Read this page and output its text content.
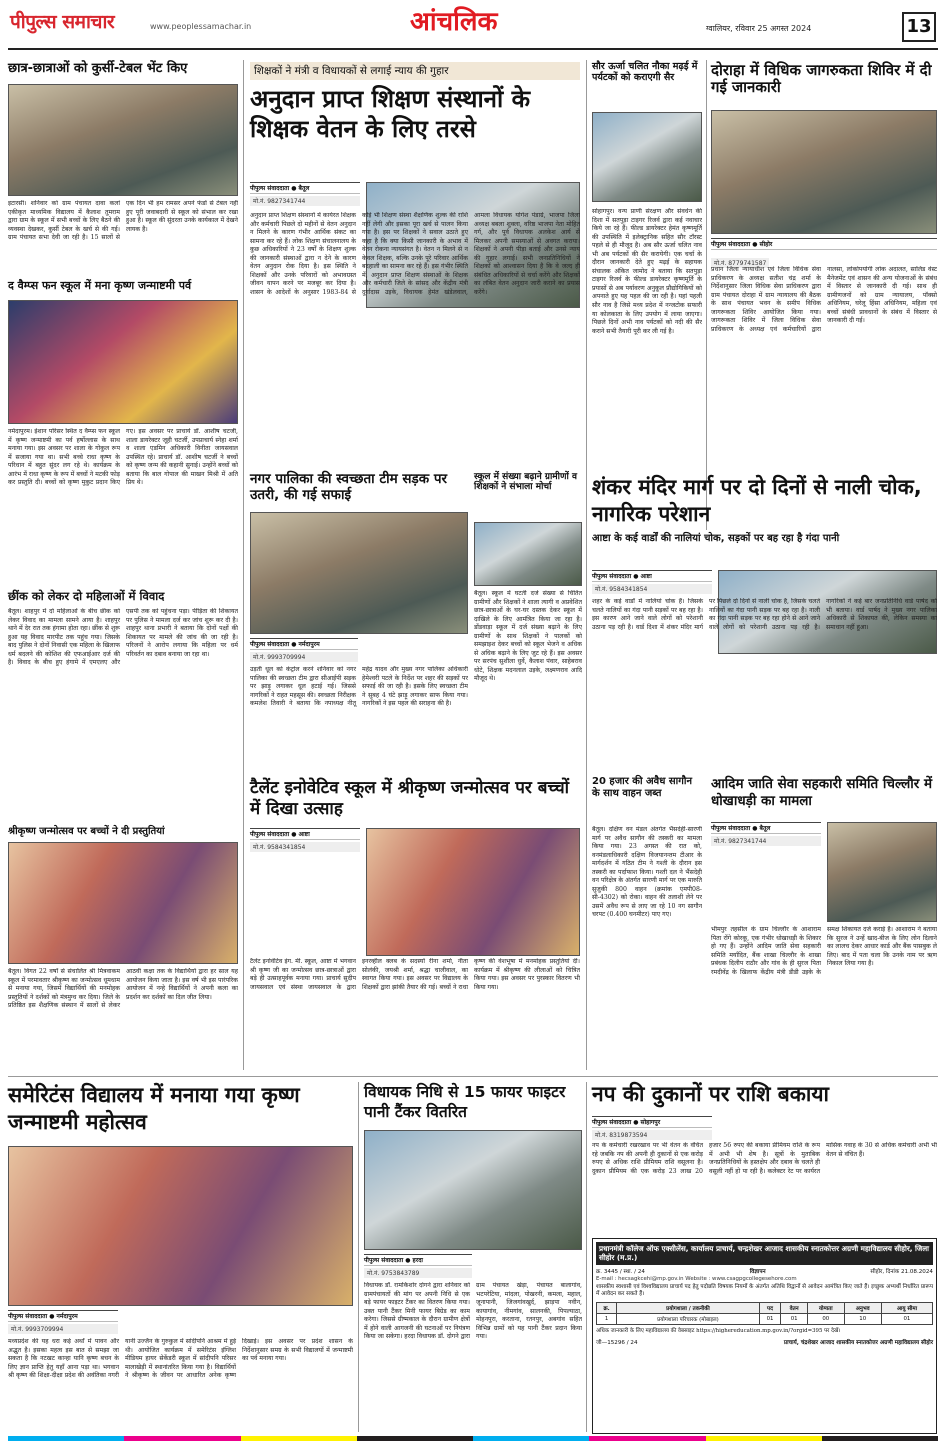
पीपुल्स समाचार	www.peoplessamachar.in	आंचलिक	ग्वालियर, रविवार 25 अगस्त 2024	13
छात्र-छात्राओं को कुर्सी-टेबल भेंट किए
इटारसी। शनिवार को ग्राम पंचायत दावा कलां एकीकृत माध्यमिक विद्यालय में कैलाश तुमराम द्वारा ग्राम के स्कूल में सभी बच्चों के लिए बैठने की व्यवस्था देखकर, कुर्सी टेबल के खर्च से की गई। ग्राम पंचायत सभा देवी जा रही है। 15 सालों से एक दिन भी हम रामसर अपने फंडों से टेबल नहीं हुए पूरी जवाबदारी से स्कूल को संभाल कर रखा हुआ है। स्कूल की सुंदरता उनके कार्यकाल में देखने लायक है।
द वैम्प्स फन स्कूल में मना कृष्ण जन्माष्टमी पर्व
नर्मदापुरम। ईशान परिसर स्थित द वैम्प्स फन स्कूल में कृष्ण जन्माष्टमी का पर्व हर्षोल्लास के साथ मनाया गया। इस अवसर पर शाला के गोकुल रूप में सजाया गया था। सभी बच्चे राधा कृष्ण के परिधान में बहुत सुंदर लग रहे थे। कार्यक्रम के आरंभ में राधा कृष्ण के रूप में बच्चों ने मटकी फोड़ कर प्रस्तुति दी। बच्चों को कृष्ण मुकुट प्रदान किए गए। इस अवसर पर प्राचार्य डॉ. आशीष चटर्जी, शाला डायरेक्टर जूही चटर्जी, उपप्राचार्य स्नेहा शर्मा व शाला एडमिन अधिकारी विनीता जायसवाल उपस्थित रहे। प्राचार्य डॉ. आशीष चटर्जी ने बच्चों को कृष्ण जन्म की कहानी सुनाई। उन्होंने बच्चों को बताया कि बाल गोपाल की माखन मिश्री में अति प्रिय थे।
छींक को लेकर दो महिलाओं में विवाद
बैतूल। शाहपुर में दो महिलाओं के बीच छींक को लेकर विवाद का मामला सामने आया है। शाहपुर थाने में देर रात तक हंगामा होता रहा। छींक से शुरू हुआ यह विवाद मारपीट तक पहुंच गया। जिसके बाद पुलिस ने दोनों निवासी एक महिला के खिलाफ धर्म बदलने की कोशिश की एफआईआर दर्ज की है। विवाद के बीच हुए हंगामे में एमएलए और एसपी तक को पहुंचना पड़ा। पीड़िता की शिकायत पर पुलिस ने मामला दर्ज कर जांच शुरू कर दी है। शाहपुर थाना प्रभारी ने बताया कि दोनों पक्षों की शिकायत पर मामले की जांच की जा रही है। परिजनों ने आरोप लगाया कि महिला पर धर्म परिवर्तन का दबाव बनाया जा रहा था।
श्रीकृष्ण जन्मोत्सव पर बच्चों ने दी प्रस्तुतियां
बैतूल। विगत 22 वर्षों से संचालित श्री मित्रवाकम स्कूल में परमावतार श्रीकृष्ण का जन्मोत्सव धूमधाम से मनाया गया, जिसमें विद्यार्थियों की मनमोहक प्रस्तुतियों ने दर्शकों को मंत्रमुग्ध कर दिया। जिले के प्रतिष्ठित इस शैक्षणिक संस्थान में सालों से लेकर आठवीं कक्षा तक के विद्यार्थियों द्वारा हर साल यह आयोजन किया जाता है। इस वर्ष भी इस पारंपरिक आयोजन में नन्हे विद्यार्थियों ने अपनी कला का प्रदर्शन कर दर्शकों का दिल जीत लिया।
शिक्षकों ने मंत्री व विधायकों से लगाई न्याय की गुहार
अनुदान प्राप्त शिक्षण संस्थानों के शिक्षक वेतन के लिए तरसे
पीपुल्स संवाददाता ● बैतूल
मो.नं. 9827341744
अनुदान प्राप्त शिक्षण संस्थानों में कार्यरत शिक्षक और कर्मचारी पिछले दो महीनों से वेतन अनुदान न मिलने के कारण गंभीर आर्थिक संकट का सामना कर रहे हैं। लोक शिक्षण संचालनालय के कुछ अधिकारियों ने 23 वर्षों के शिक्षण शुल्क की जानकारी संस्थाओं द्वारा न देने के कारण वेतन अनुदान रोक दिया है। इस स्थिति ने शिक्षकों और उनके परिवारों को अभावग्रस्त जीवन यापन करने पर मजबूर कर दिया है। शासन के आदेशों के अनुसार 1983-84 से कोई भी शिक्षण संस्था शैक्षणिक शुल्क की राशि नहीं लेगी और इसका पूरा खर्च से पालन किया गया है। इस पर शिक्षकों ने सवाल उठाते हुए कहा है कि क्या किसी जानकारी के अभाव में वेतन रोकना न्यायसंगत है। वेतन न मिलने से न केवल शिक्षक, बल्कि उनके पूरे परिवार आर्थिक बदहाली का सामना कर रहे हैं। इस गंभीर स्थिति में, अनुदान प्राप्त शिक्षण संस्थाओं के शिक्षक और कर्मचारी जिले के सांसद और केंद्रीय मंत्री दुर्गादास उइके, विधायक हेमंत खंडेलवाल, आमला विधायक योगेश पंडाग्रे, भाजपा जिला अध्यक्ष बबला शुक्ला, वरिष्ठ भाजपा नेता मोहित गर्ग, और पूर्व विधायक अलकेश आर्य से मिलकर अपनी समस्याओं से अवगत कराया। शिक्षकों ने अपनी पीड़ा बताई और उनसे न्याय की गुहार लगाई। सभी जनप्रतिनिधियों ने शिक्षकों को आश्वासन दिया है कि वे जल्द ही संबंधित अधिकारियों से चर्चा करेंगे और शिक्षकों का लंबित वेतन अनुदान जारी कराने का प्रयास करेंगे।
सौर ऊर्जा चलित नौका मढ़ई में पर्यटकों को कराएगी सैर
सोहागपुर। वन्य प्राणी संरक्षण और संवर्धन की दिशा में सतपुड़ा टाइगर रिजर्व द्वारा कई नवाचार किये जा रहे हैं। फील्ड डायरेक्टर हेमंत कृष्णमूर्ति की उपस्थिति में इलेक्ट्रानिक सहित सौर टॉरस्ट पहले से ही मौजूद है। अब सौर ऊर्जा चलित नाव भी अब पर्यटकों की सैर करायेगी। एक चर्चा के दौरान जानकारी देते हुए मढ़ई के सहायक संचालक अंकित जामोद ने बताया कि सतपुड़ा टाइगर रिजर्व के फील्ड डायरेक्टर कृष्णमूर्ति के प्रयासों से अब पर्यावरण अनुकूल प्रौद्योगिकियों को अपनाते हुए यह पहल की जा रही है। यहां पहली सौर नाव है जिसे मध्य प्रदेश में नन्जटोक सफारी या कोलकाता के लिए उपयोग में लाया जाएगा। पिछले दिनों अभी नाव पर्यटकों को नदी की सैर कराने सभी तैयारी पूरी कर ली गई है।
दोराहा में विधिक जागरुकता शिविर में दी गई जानकारी
पीपुल्स संवाददाता ● सीहोर
मो.नं. 8779741587
प्रधान जिला न्यायाधीश एवं जिला विधिक सेवा प्राधिकरण के अध्यक्ष सतीश चंद्र शर्मा के निर्देशानुसार जिला विधिक सेवा प्राधिकरण द्वारा ग्राम पंचायत दोराहा में ग्राम न्यायालय की बैठक के साथ पंचायत भवन के समीप विधिक जागरूकता शिविर आयोजित किया गया। जागरूकता शिविर में जिला विधिक सेवा प्राधिकरण के अध्यक्ष एवं कर्मचारियों द्वारा नालसा, लोकोपयोगी लोक अदालत, सालिड वेस्ट मैनेजमेंट एवं शासन की अन्य योजनाओं के संबंध में विस्तार से जानकारी दी गई। साथ ही ग्रामीणजनों को ग्राम न्यायालय, पॉक्सो अधिनियम, घरेलू हिंसा अधिनियम, महिला एवं बच्चों संबंधी प्रावधानों के संबंध में विस्तार से जानकारी दी गई।
नगर पालिका की स्वच्छता टीम सड़क पर उतरी, की गई सफाई
पीपुल्स संवाददाता ● नर्मदापुरम
मो.नं. 9993709994
उड़ती धूल को कंट्रोल करने शनिवार को नगर पालिका की स्वच्छता टीम द्वारा सीआईपी सड़क पर झाड़ू लगाकर धूल हटाई गई। जिससे नागरिकों ने राहत महसूस की। स्वच्छता निरीक्षक कमलेश तिवारी ने बताया कि नपाध्यक्ष नीतू महेंद्र यादव और मुख्य नगर पालिका अधिकारी हेमेश्वरी पटले के निर्देश पर शहर की सड़कों पर सफाई की जा रही है। इसके लिए स्वच्छता टीम ने सुबह 4 घंटे झाड़ू लगाकर साफ किया गया। नागरिकों ने इस पहल की सराहना की है।
स्कूल में संख्या बढ़ाने ग्रामीणों व शिक्षकों ने संभाला मोर्चा
बैतूल। स्कूल में घटती दर्ज संख्या से चिंतित ग्रामीणों और शिक्षकों ने शाला त्यागी व अप्रवेशित छात्र-छात्राओं के घर-घर दस्तक देकर स्कूल में दाखिले के लिए आमंत्रित किया जा रहा है। डोंडवाड़ा स्कूल में दर्ज संख्या बढ़ाने के लिए ग्रामीणों के साथ शिक्षकों ने पालकों को समझाइश देकर बच्चों को स्कूल भेजने व अधिक से अधिक बढ़ाने के लिए जुट रहे हैं। इस अवसर पर सरपंच सुशीला धुर्वे, कैलाश पंवार, साहेबराव धोटे, शिक्षक मदनलाल उइके, लक्ष्मणराव आदि मौजूद थे।
शंकर मंदिर मार्ग पर दो दिनों से नाली चोक, नागरिक परेशान
आष्टा के कई वार्डों की नालियां चोक, सड़कों पर बह रहा है गंदा पानी
पीपुल्स संवाददाता ● आष्टा
मो.नं. 9584341854
शहर के कई वार्डों में नालियां चोक हैं। जिसके चलते नालियों का गंदा पानी सड़कों पर बह रहा है। इस कारण आने जाने वाले लोगों को परेशानी उठाना पड़ रही है। वार्ड दिशा में शंकर मंदिर मार्ग पर पिछले दो दिनों से नाली चोक है, जिसके चलते नालियों का गंदा पानी सड़क पर बह रहा है। नाली का गंदा पानी सड़क पर बह रहा होने से आने जाने वाले लोगों को परेशानी उठाना पड़ रही है। नागरिकों ने कई बार जनप्रतिनिधि वार्ड पार्षद को भी बताया। वार्ड पार्षद ने मुख्य नगर पालिका अधिकारी से शिकायत की, लेकिन समस्या का समाधान नहीं हुआ।
टैलेंट इनोवेटिव स्कूल में श्रीकृष्ण जन्मोत्सव पर बच्चों में दिखा उत्साह
पीपुल्स संवाददाता ● आष्टा
मो.नं. 9584341854
टैलेंट इनोवेटिव इंग. मी. स्कूल, आष्टा में भगवान श्री कृष्ण जी का जन्मोत्सव छात्र-छात्राओं द्वारा बड़े ही उत्साहपूर्वक मनाया गया। प्राचार्य सुदीप जायसवाल एवं संस्था जायसवाल के द्वारा इनरव्हील क्लब के सदस्यों रीना शर्मा, नीता सोलंकी, जयश्री शर्मा, श्रद्धा चालीवाल, का स्वागत किया गया। इस अवसर पर विद्यालय के शिक्षकों द्वारा झांकी तैयार की गई। बच्चों ने राधा कृष्ण की वेशभूषा में मनमोहक प्रस्तुतियां दीं। कार्यक्रम में श्रीकृष्ण की लीलाओं को चित्रित किया गया। इस अवसर पर पुरस्कार वितरण भी किया गया।
20 हजार की अवैध सागौन के साथ वाहन जब्त
बैतूल। दक्षिण वन मंडल अंतर्गत भैंसदेही-सारणी मार्ग पर अवैध सागौन की तस्करी का मामला किया गया। 23 अगस्त की रात को, वनमंडलाधिकारी दक्षिण विजयानन्तम टीआर के मार्गदर्शन में गठित टीम ने गश्ती के दौरान इस तस्करी का पर्दाफाश किया। गश्ती दल ने भैंसदेही वन परिक्षेत्र के अंतर्गत सारणी मार्ग पर एक मारुति सुजुकी 800 वाहन (क्रमांक एमपी08-सी-4302) को रोका। वाहन की तलाशी लेने पर उसमें अवैध रूप से लाए जा रहे 10 नग सागौन चरपट (0.400 घनमीटर) पाए गए।
आदिम जाति सेवा सहकारी समिति चिल्लौर में धोखाधड़ी का मामला
पीपुल्स संवाददाता ● बैतूल
मो.नं. 9827341744
भीमपुर तहसील के ग्राम चिल्लौर के आशाराम पिता रोंगे कोरकू, एक गंभीर धोखाधड़ी के शिकार हो गए हैं। उन्होंने आदिम जाति सेवा सहकारी समिति मर्यादित, बैंक शाखा चिल्लौर के शाखा प्रबंधक दिलीप राठौर और गांव के ही सुरज पिता रमदीवेंद्र के खिलाफ केंद्रीय मंत्री डीडी उइके के समक्ष शिकायत दर्ज कराई है। आशाराम ने बताया कि सुरज ने उन्हें खाद-बीज के लिए लोन दिलाने का लालच देकर आधार कार्ड और बैंक पासबुक ले लिए। बाद में पता चला कि उनके नाम पर ऋण निकाल लिया गया है।
समेरिटंस विद्यालय में मनाया गया कृष्ण जन्माष्टमी महोत्सव
पीपुल्स संवाददाता ● नर्मदापुरम
मो.नं. 9993709994
मध्यप्रदेश की यह धरा कई अर्थों में पावन और अद्भुत है। इसका महत्व इस बात से समझा जा सकता है कि नटखट कान्हा यानि कृष्ण बचन के लिए ज्ञान प्राप्ति हेतु यहाँ आना पड़ा था। भगवान श्री कृष्ण की शिक्षा-दीक्षा प्रदेश की अवंतिका नगरी यानी उज्जैन के गुरुकुल में सांदीपनि आश्रम में हुई थी। आयोजित कार्यक्रम में समेरिटंस इंग्लिश मीडियम हायर सेकेंडरी स्कूल में सांदीपनि परिसर मालाखेड़ी में स्थानांतरित किया गया है। विद्यार्थियों ने श्रीकृष्ण के जीवन पर आधारित अनेक कृष्ण दिखाई। इस अवसर पर प्रदेश शासन के निर्देशानुसार समग्र के सभी विद्यालयों में जन्माष्टमी का पर्व मनाया गया।
विधायक निधि से 15 फायर फाइटर पानी टैंकर वितरित
पीपुल्स संवाददाता ● हरदा
मो.नं. 9753843789
विधायक डॉ. रामकिशोर दोगने द्वारा शनिवार को ग्रामपंचायतों की मांग पर अपनी निधि से एक बड़े फायर फाइटर टैंकर का वितरण किया गया। उक्त पानी टैंकर मिनी फायर बिग्रेड का काम करेगा। जिससे ग्रीष्मकाल के दौरान ग्रामीण क्षेत्रों में होने वाली आगजनी की घटनाओं पर नियंत्रण किया जा सकेगा। हरदा विधायक डॉ. दोगने द्वारा ग्राम पंचायत खेड़ा, पंचायत बालागांव, भटपरेटिया, मांदला, पोखरनी, कमला, महाल, जूनापानी, जिजगांवखुर्द, झाड़पा नवीन, कायागांव, नीमगांव, सालनकी, पिपल्याठा, मोहनपुरा, करताना, रतनपुर, अबगांव सहित विभिन्न ग्रामों को यह पानी टैंकर प्रदान किया गया।
नप की दुकानों पर राशि बकाया
पीपुल्स संवाददाता ● सोहागपुर
मो.नं. 8319873594
नप के कर्मचारी रखरखाव पर भी वेतन के वंचित रहे जबकि नप की अपनी ही दुकानों से एक करोड़ रुपए से अधिक राशि प्रीमियम राशि वसूलना है। दुकान प्रीमियम की एक करोड़ 23 लाख 20 हजार 56 रुपए की बकाया प्रीमियम राशि के रूप में अभी भी शेष है। सूत्रों के मुताबिक जनप्रतिनिधियों के हस्तक्षेप और दबाव के चलते ही वसूली नहीं हो पा रही है। कलेक्टर रेट पर कार्यरत मासिक गवाह के 30 से अधिक कर्मचारी अभी भी वेतन से वंचित हैं।
प्रधानमंत्री कॉलेज ऑफ एक्सीलेंस, कार्यालय प्राचार्य, चन्द्रशेखर आजाद शासकीय स्नातकोत्तर अग्रणी महाविद्यालय सीहोर, जिला सीहोर (म.प्र.)
क्र. 3445 / स्था. / 24	विज्ञापन	सीहोर, दिनांक 21.08.2024
E-mail : hecsagkcehi@mp.gov.in Website : www.csagpgcollegesehore.com
शासकीय स्वशासी एवं विश्वविद्यालय प्राचार्य पद हेतु पदोन्नति विषयक नियमों के अंतर्गत अतिथि विद्वानों से आवेदन आमंत्रित किए जाते हैं। इच्छुक अभ्यर्थी निर्धारित प्रारूप में आवेदन कर सकते हैं।
क्र.	प्रयोगशाला / तकनीकी	पद	वेतन	योग्यता	अनुभव	आयु सीमा
1	प्रयोगशाला परिचारक (मोबाइल)	01	01	00	10	01
अधिक जानकारी के लिए महाविद्यालय की वेबसाइट https://highereducation.mp.gov.in/?orgid=395 पर देखें।
जी—15296 / 24	प्राचार्य, चंद्रशेखर आजाद शासकीय स्नातकोत्तर अग्रणी महाविद्यालय सीहोर
